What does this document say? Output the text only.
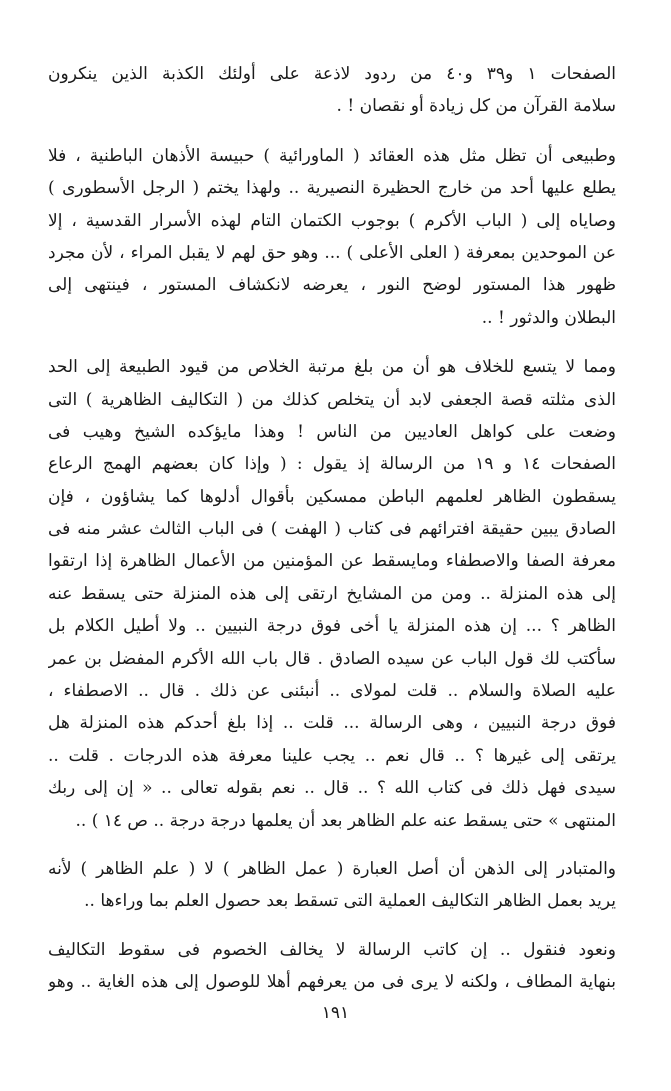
الصفحات ١ و٣٩ و٤٠ من ردود لاذعة على أولئك الكذبة الذين ينكرون
سلامة القرآن من كل زيادة أو نقصان ! .
وطبيعى أن تظل مثل هذه العقائد ( الماورائية ) حبيسة الأذهان الباطنية ، فلا
يطلع عليها أحد من خارج الحظيرة النصيرية .. ولهذا يختم ( الرجل الأسطورى )
وصاياه إلى ( الباب الأكرم ) بوجوب الكتمان التام لهذه الأسرار القدسية ، إلا
عن الموحدين بمعرفة ( العلى الأعلى ) ... وهو حق لهم لا يقبل المراء ، لأن مجرد
ظهور هذا المستور لوضح النور ، يعرضه لانكشاف المستور ، فينتهى إلى
البطلان والدثور ! ..
ومما لا يتسع للخلاف هو أن من بلغ مرتبة الخلاص من قيود الطبيعة إلى الحد
الذى مثلته قصة الجعفى لابد أن يتخلص كذلك من ( التكاليف الظاهرية ) التى
وضعت على كواهل العاديين من الناس ! وهذا مايؤكده الشيخ وهيب فى
الصفحات ١٤ و ١٩ من الرسالة إذ يقول : ( وإذا كان بعضهم الهمج الرعاع
يسقطون الظاهر لعلمهم الباطن ممسكين بأقوال أدلوها كما يشاؤون ، فإن
الصادق يبين حقيقة افترائهم فى كتاب ( الهفت ) فى الباب الثالث عشر منه فى
معرفة الصفا والاصطفاء ومايسقط عن المؤمنين من الأعمال الظاهرة إذا ارتقوا
إلى هذه المنزلة .. ومن من المشايخ ارتقى إلى هذه المنزلة حتى يسقط عنه
الظاهر ؟ ... إن هذه المنزلة يا أخى فوق درجة النبيين .. ولا أطيل الكلام بل
سأكتب لك قول الباب عن سيده الصادق . قال باب الله الأكرم المفضل بن عمر
عليه الصلاة والسلام .. قلت لمولاى .. أنبئنى عن ذلك . قال .. الاصطفاء ،
فوق درجة النبيين ، وهى الرسالة ... قلت .. إذا بلغ أحدكم هذه المنزلة هل
يرتقى إلى غيرها ؟ .. قال نعم .. يجب علينا معرفة هذه الدرجات . قلت ..
سيدى فهل ذلك فى كتاب الله ؟ .. قال .. نعم بقوله تعالى .. « إن إلى ربك
المنتهى » حتى يسقط عنه علم الظاهر بعد أن يعلمها درجة درجة .. ص ١٤ ) ..
والمتبادر إلى الذهن أن أصل العبارة ( عمل الظاهر ) لا ( علم الظاهر ) لأنه
يريد بعمل الظاهر التكاليف العملية التى تسقط بعد حصول العلم بما وراءها ..
ونعود فنقول .. إن كاتب الرسالة لا يخالف الخصوم فى سقوط التكاليف
بنهاية المطاف ، ولكنه لا يرى فى من يعرفهم أهلا للوصول إلى هذه الغاية .. وهو
١٩١
